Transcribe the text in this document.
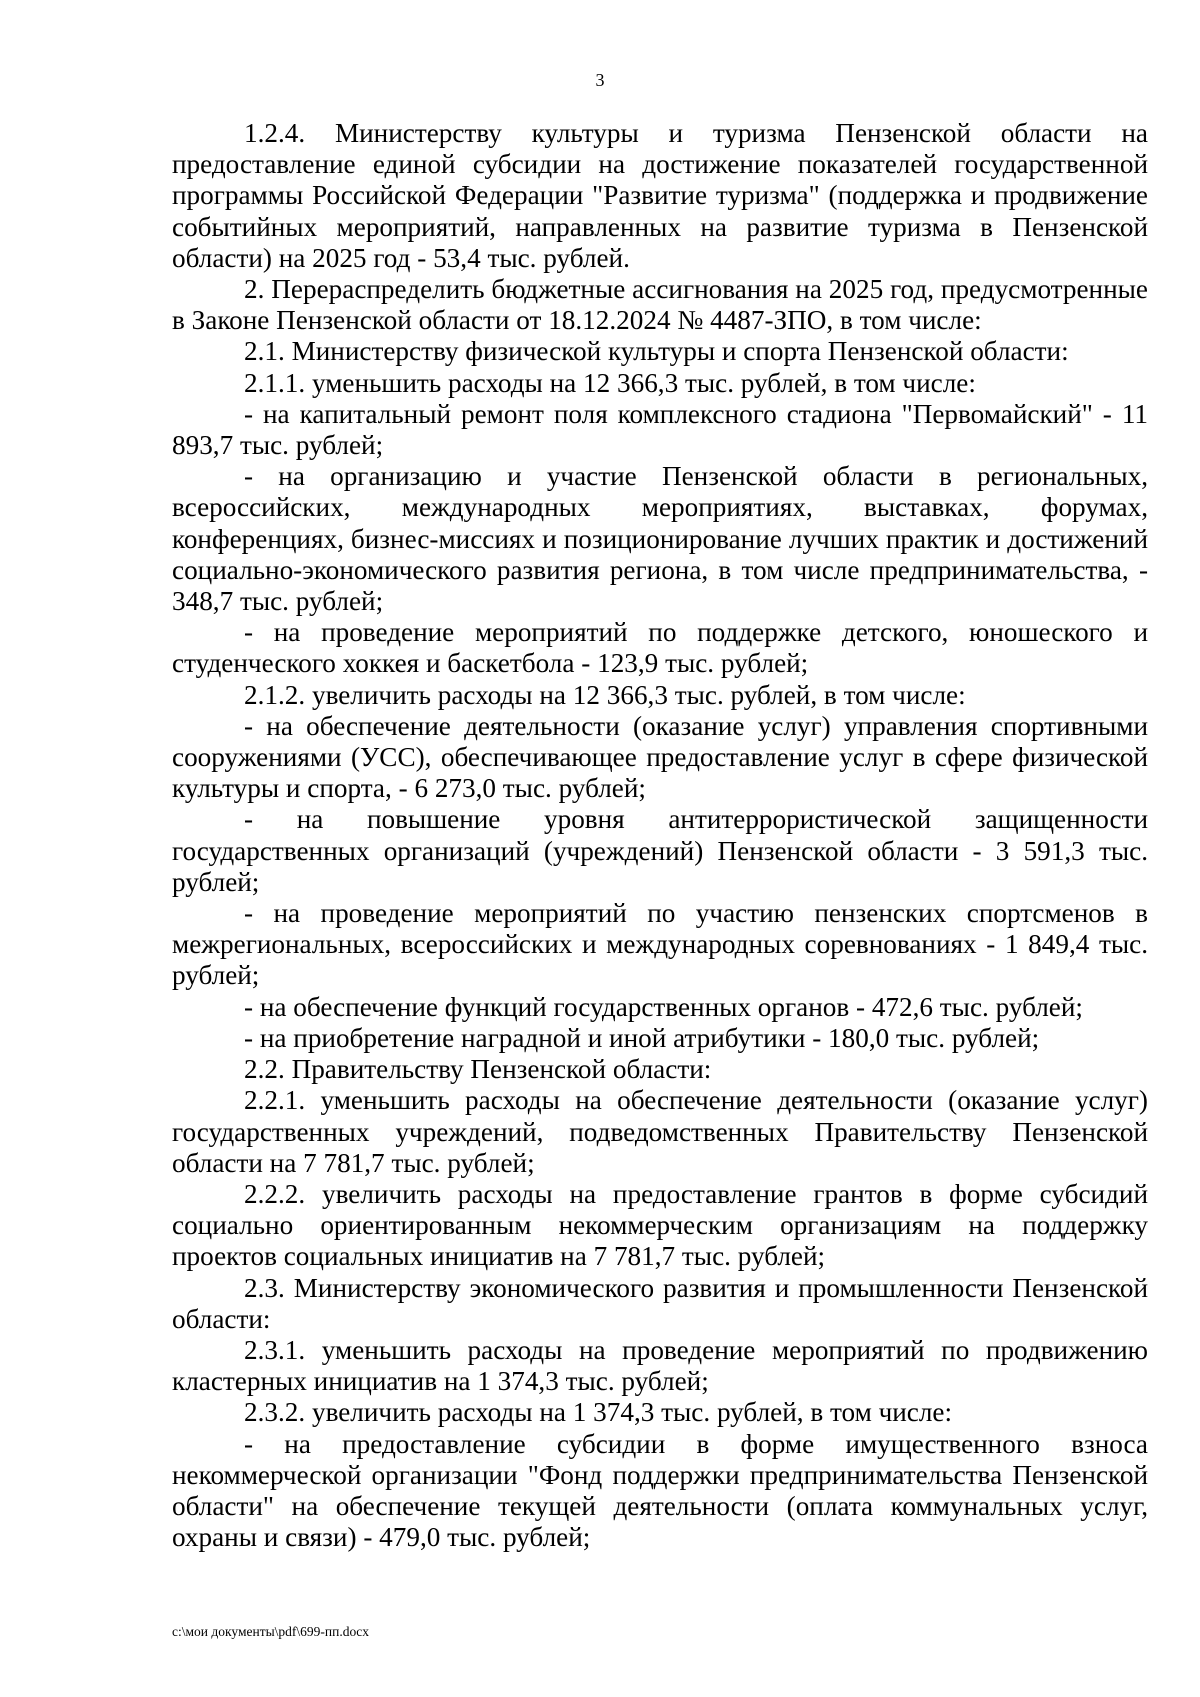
3

1.2.4. Министерству культуры и туризма Пензенской области на предоставление единой субсидии на достижение показателей государственной программы Российской Федерации "Развитие туризма" (поддержка и продвижение событийных мероприятий, направленных на развитие туризма в Пензенской области) на 2025 год - 53,4 тыс. рублей.

2. Перераспределить бюджетные ассигнования на 2025 год, предусмотренные в Законе Пензенской области от 18.12.2024 № 4487-ЗПО, в том числе:

2.1. Министерству физической культуры и спорта Пензенской области:

2.1.1. уменьшить расходы на 12 366,3 тыс. рублей, в том числе:

- на капитальный ремонт поля комплексного стадиона "Первомайский" - 11 893,7 тыс. рублей;

- на организацию и участие Пензенской области в региональных, всероссийских, международных мероприятиях, выставках, форумах, конференциях, бизнес-миссиях и позиционирование лучших практик и достижений социально-экономического развития региона, в том числе предпринимательства, - 348,7 тыс. рублей;

- на проведение мероприятий по поддержке детского, юношеского и студенческого хоккея и баскетбола - 123,9 тыс. рублей;

2.1.2. увеличить расходы на 12 366,3 тыс. рублей, в том числе:

- на обеспечение деятельности (оказание услуг) управления спортивными сооружениями (УСС), обеспечивающее предоставление услуг в сфере физической культуры и спорта, - 6 273,0 тыс. рублей;

- на повышение уровня антитеррористической защищенности государственных организаций (учреждений) Пензенской области - 3 591,3 тыс. рублей;

- на проведение мероприятий по участию пензенских спортсменов в межрегиональных, всероссийских и международных соревнованиях - 1 849,4 тыс. рублей;

- на обеспечение функций государственных органов - 472,6 тыс. рублей;

- на приобретение наградной и иной атрибутики - 180,0 тыс. рублей;

2.2. Правительству Пензенской области:

2.2.1. уменьшить расходы на обеспечение деятельности (оказание услуг) государственных учреждений, подведомственных Правительству Пензенской области на 7 781,7 тыс. рублей;

2.2.2. увеличить расходы на предоставление грантов в форме субсидий социально ориентированным некоммерческим организациям на поддержку проектов социальных инициатив на 7 781,7 тыс. рублей;

2.3. Министерству экономического развития и промышленности Пензенской области:

2.3.1. уменьшить расходы на проведение мероприятий по продвижению кластерных инициатив на 1 374,3 тыс. рублей;

2.3.2. увеличить расходы на 1 374,3 тыс. рублей, в том числе:

- на предоставление субсидии в форме имущественного взноса некоммерческой организации "Фонд поддержки предпринимательства Пензенской области" на обеспечение текущей деятельности (оплата коммунальных услуг, охраны и связи) - 479,0 тыс. рублей;

c:\мои документы\pdf\699-пп.docx
